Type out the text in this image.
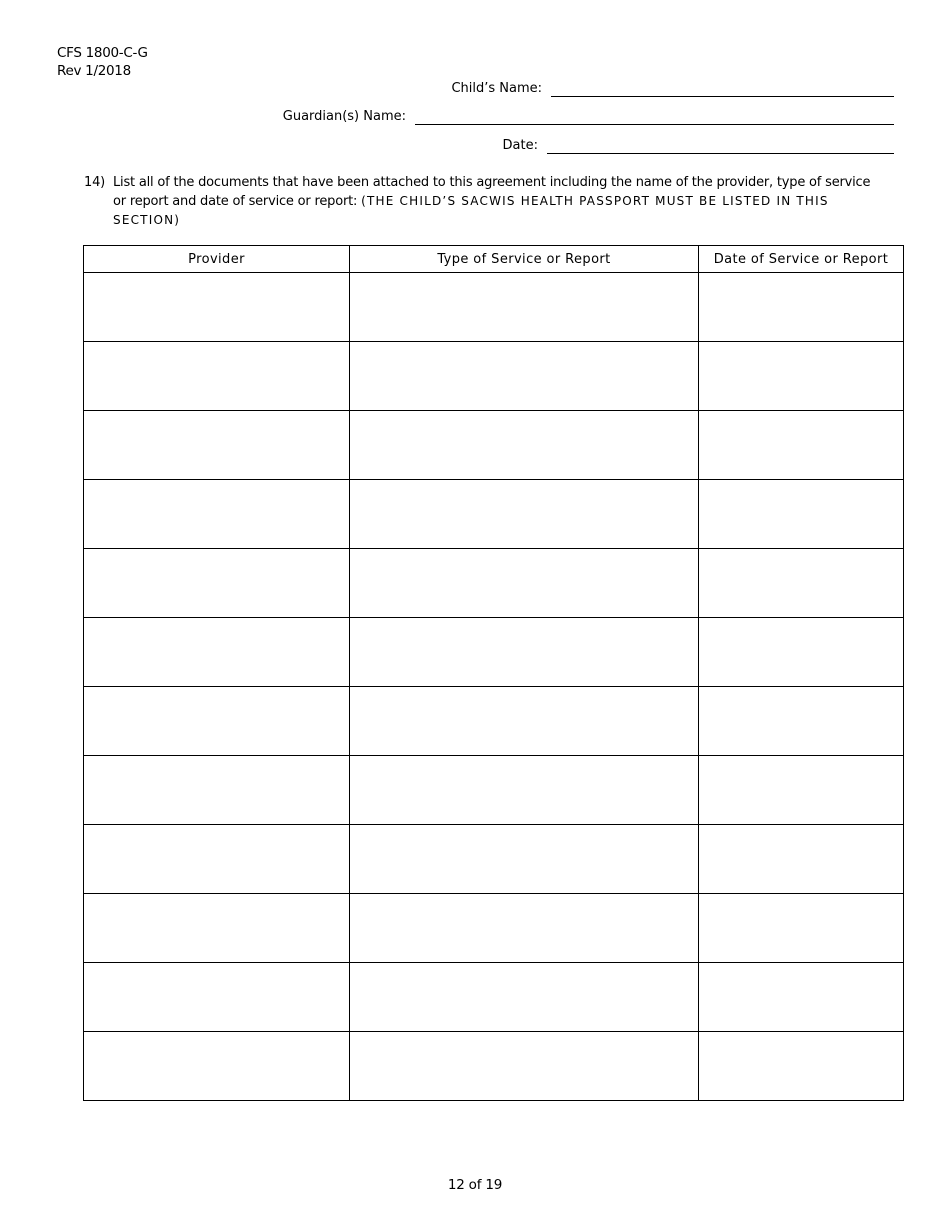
CFS 1800-C-G
Rev 1/2018
Child’s Name:
Guardian(s) Name:
Date:
14) List all of the documents that have been attached to this agreement including the name of the provider, type of service or report and date of service or report: (THE CHILD’S SACWIS HEALTH PASSPORT MUST BE LISTED IN THIS SECTION)
Provider	Type of Service or Report	Date of Service or Report

12 of 19
